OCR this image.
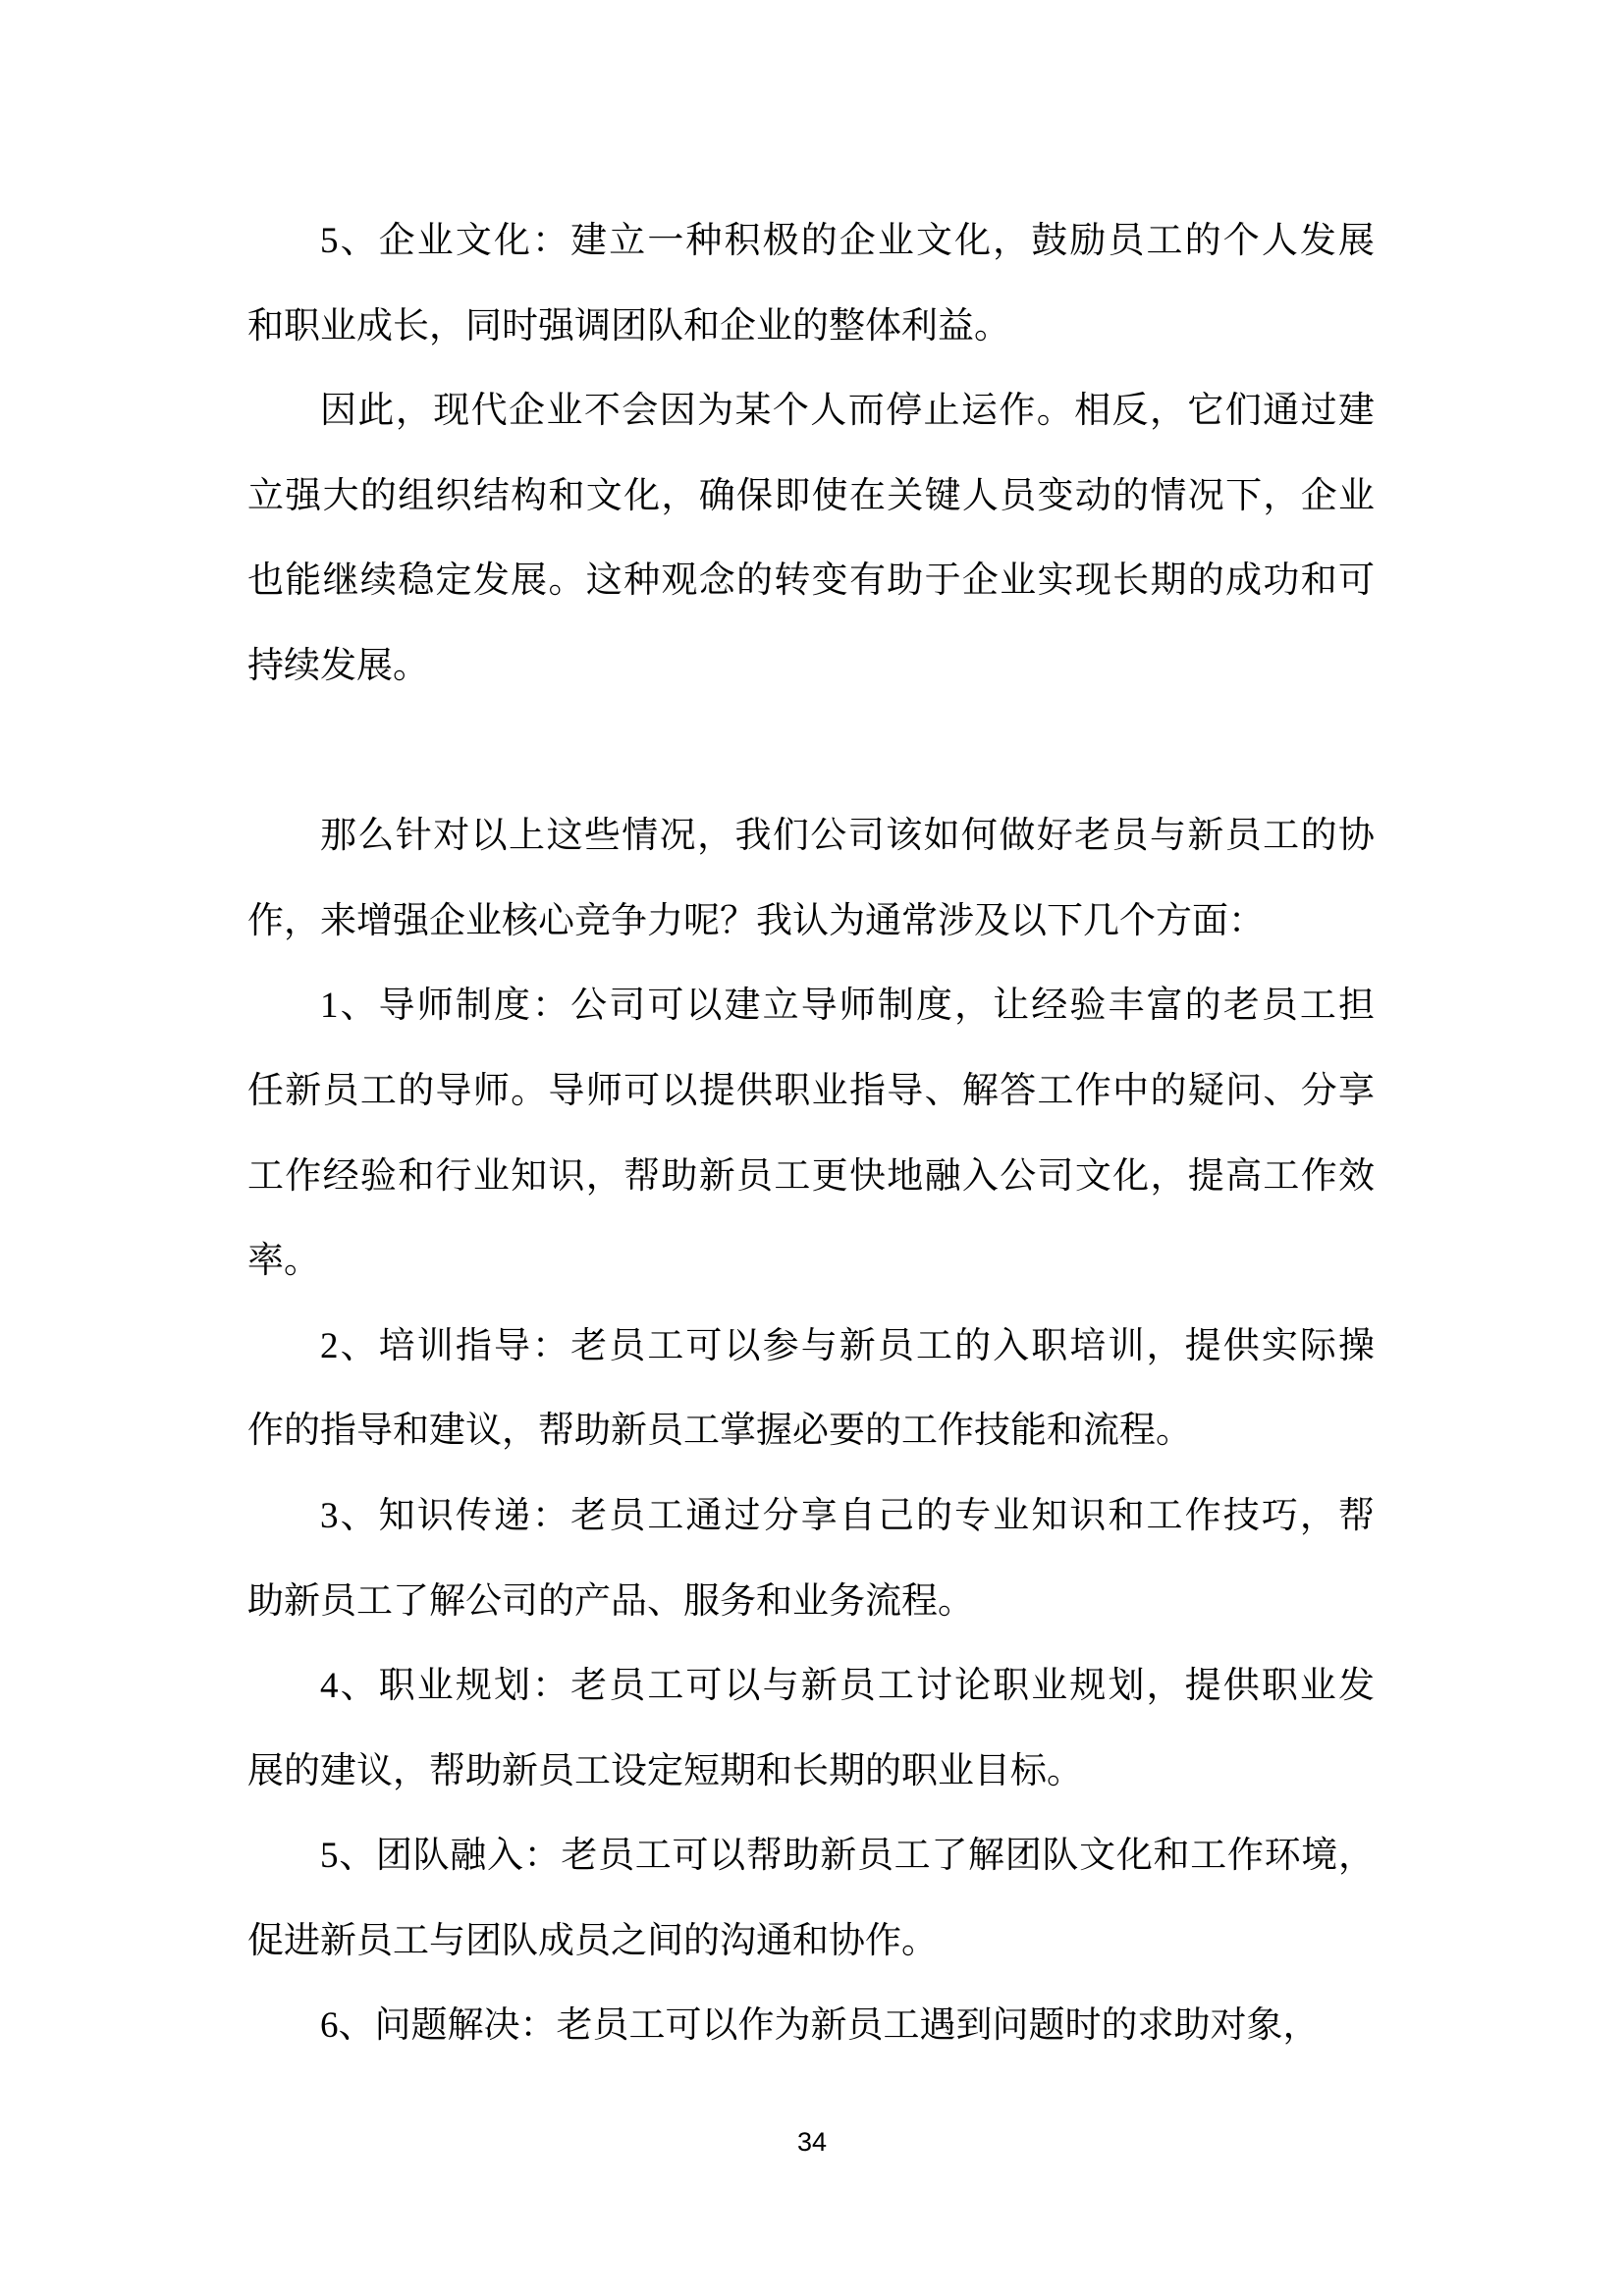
5、企业文化：建立一种积极的企业文化，鼓励员工的个人发展
和职业成长，同时强调团队和企业的整体利益。
因此，现代企业不会因为某个人而停止运作。相反，它们通过建
立强大的组织结构和文化，确保即使在关键人员变动的情况下，企业
也能继续稳定发展。这种观念的转变有助于企业实现长期的成功和可
持续发展。
那么针对以上这些情况，我们公司该如何做好老员与新员工的协
作，来增强企业核心竞争力呢？我认为通常涉及以下几个方面：
1、导师制度：公司可以建立导师制度，让经验丰富的老员工担
任新员工的导师。导师可以提供职业指导、解答工作中的疑问、分享
工作经验和行业知识，帮助新员工更快地融入公司文化，提高工作效
率。
2、培训指导：老员工可以参与新员工的入职培训，提供实际操
作的指导和建议，帮助新员工掌握必要的工作技能和流程。
3、知识传递：老员工通过分享自己的专业知识和工作技巧，帮
助新员工了解公司的产品、服务和业务流程。
4、职业规划：老员工可以与新员工讨论职业规划，提供职业发
展的建议，帮助新员工设定短期和长期的职业目标。
5、团队融入：老员工可以帮助新员工了解团队文化和工作环境，
促进新员工与团队成员之间的沟通和协作。
6、问题解决：老员工可以作为新员工遇到问题时的求助对象，
34
